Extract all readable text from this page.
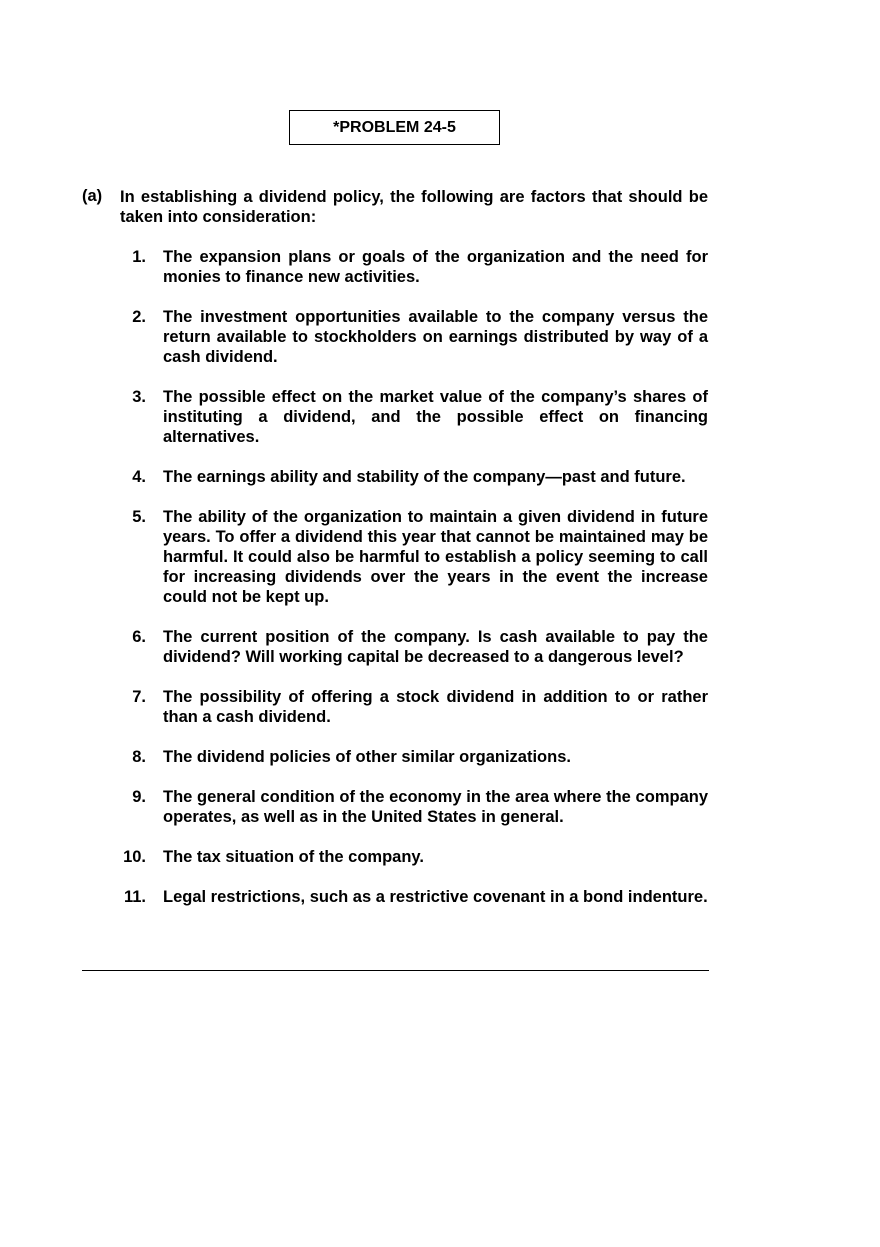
*PROBLEM 24-5
(a) In establishing a dividend policy, the following are factors that should be taken into consideration:
1. The expansion plans or goals of the organization and the need for monies to finance new activities.
2. The investment opportunities available to the company versus the return available to stockholders on earnings distributed by way of a cash dividend.
3. The possible effect on the market value of the company’s shares of instituting a dividend, and the possible effect on financing alternatives.
4. The earnings ability and stability of the company—past and future.
5. The ability of the organization to maintain a given dividend in future years. To offer a dividend this year that cannot be maintained may be harmful. It could also be harmful to establish a policy seeming to call for increasing dividends over the years in the event the increase could not be kept up.
6. The current position of the company. Is cash available to pay the dividend? Will working capital be decreased to a dangerous level?
7. The possibility of offering a stock dividend in addition to or rather than a cash dividend.
8. The dividend policies of other similar organizations.
9. The general condition of the economy in the area where the company operates, as well as in the United States in general.
10. The tax situation of the company.
11. Legal restrictions, such as a restrictive covenant in a bond indenture.
